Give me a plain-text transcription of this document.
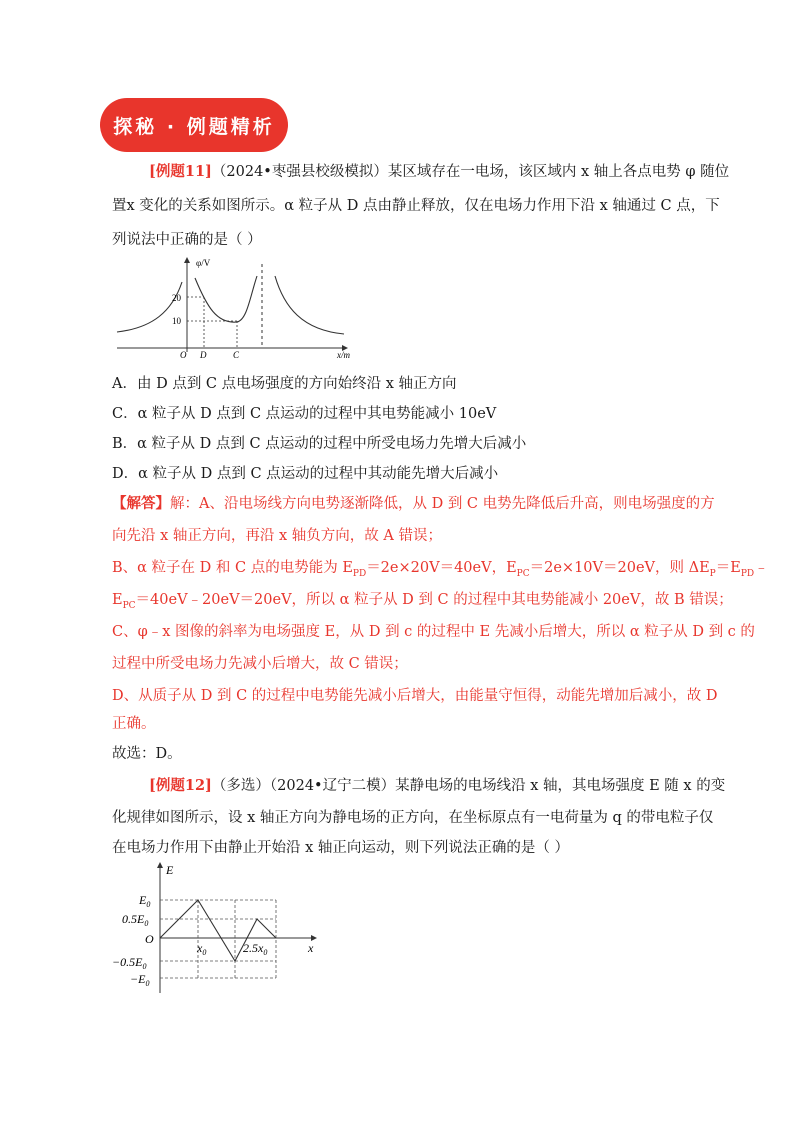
探秘 · 例题精析
[例题11]（2024•枣强县校级模拟）某区域存在一电场，该区域内 x 轴上各点电势 φ 随位
置x 变化的关系如图所示。α 粒子从 D 点由静止释放，仅在电场力作用下沿 x 轴通过 C 点，下
列说法中正确的是（ ）
φ/V
20
10
O D	C	x/m
A．由 D 点到 C 点电场强度的方向始终沿 x 轴正方向
C．α 粒子从 D 点到 C 点运动的过程中其电势能减小 10eV
B．α 粒子从 D 点到 C 点运动的过程中所受电场力先增大后减小
D．α 粒子从 D 点到 C 点运动的过程中其动能先增大后减小
【解答】解：A、沿电场线方向电势逐渐降低，从 D 到 C 电势先降低后升高，则电场强度的方
向先沿 x 轴正方向，再沿 x 轴负方向，故 A 错误；
B、α 粒子在 D 和 C 点的电势能为 $E_{PD}=2e\times 20V=40eV$，$E_{PC}=2e\times 10V=20eV$，则 $\Delta E_P=E_{PD}﹣$
$E_{PC}=40eV﹣20eV=20eV$，所以 α 粒子从 D 到 C 的过程中其电势能减小 20eV，故 B 错误；
C、φ﹣x 图像的斜率为电场强度 E，从 D 到 c 的过程中 E 先减小后增大，所以 α 粒子从 D 到 c 的
过程中所受电场力先减小后增大，故 C 错误；
D、从质子从 D 到 C 的过程中电势能先减小后增大，由能量守恒得，动能先增加后减小，故 D
正确。
故选：D。
[例题12]（多选）（2024•辽宁二模）某静电场的电场线沿 x 轴，其电场强度 E 随 x 的变
化规律如图所示，设 x 轴正方向为静电场的正方向，在坐标原点有一电荷量为 q 的带电粒子仅
在电场力作用下由静止开始沿 x 轴正向运动，则下列说法正确的是（ ）
E
x
O
$E_0$
$0.5E_0$
$-0.5E_0$
$-E_0$
$x_0$	$2.5x_0$
